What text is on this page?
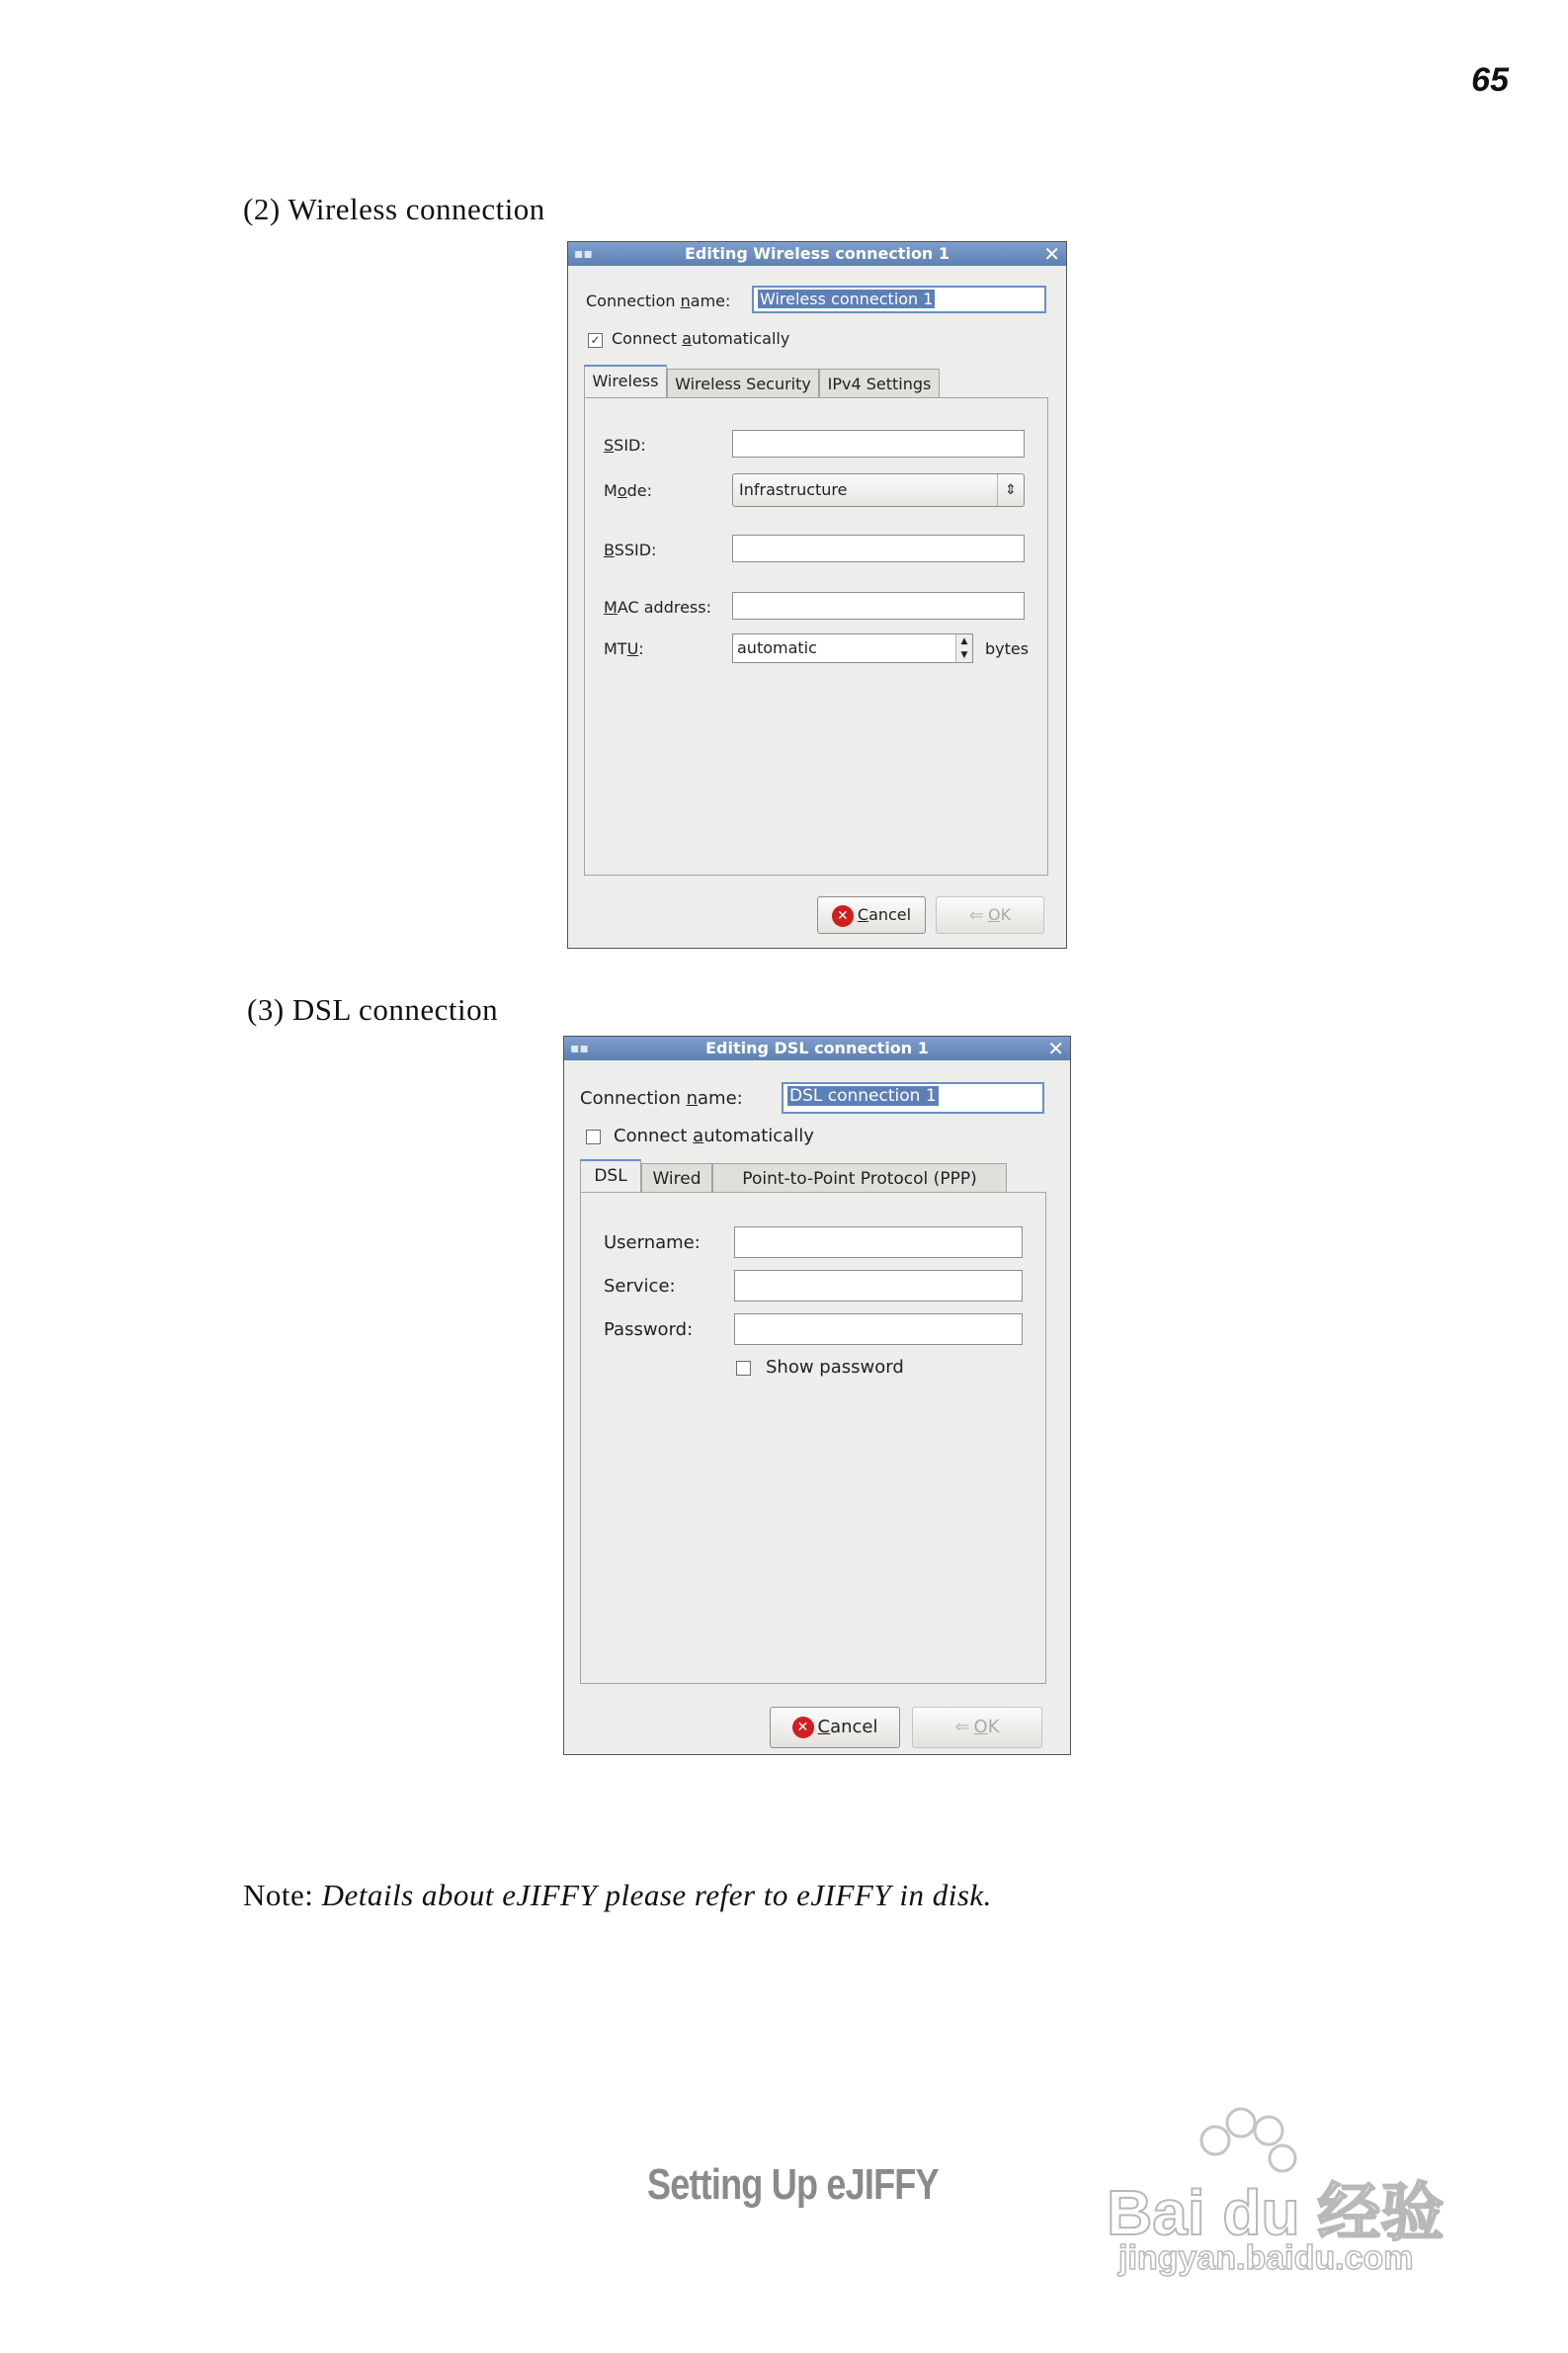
65
(2) Wireless connection
▪▪	Editing Wireless connection 1	✕
Connection name:	Wireless connection 1
✓ Connect automatically
Wireless	Wireless Security	IPv4 Settings
SSID:
Mode:	Infrastructure	⇕
BSSID:
MAC address:
MTU:	automatic	▲
▼ bytes
✕ Cancel	⇐ OK
(3) DSL connection
▪▪	Editing DSL connection 1	✕
Connection name:	DSL connection 1
Connect automatically
DSL	Wired	Point-to-Point Protocol (PPP)
Username:
Service:
Password:
Show password
✕ Cancel	⇐ OK
Note: Details about eJIFFY please refer to eJIFFY in disk.
Setting Up eJIFFY	Bai du 经验
jingyan.baidu.com
